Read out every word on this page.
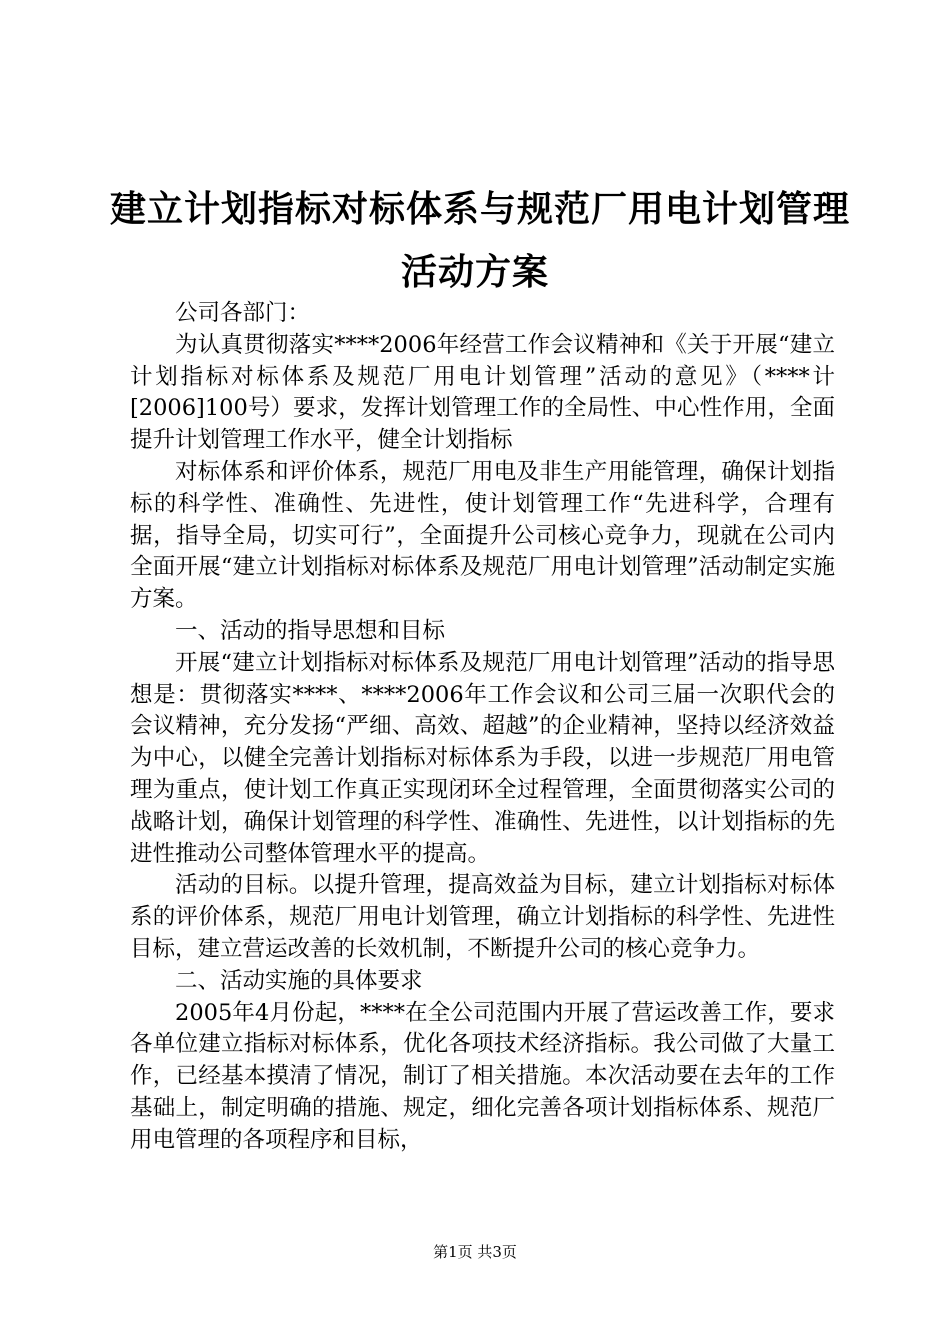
建立计划指标对标体系与规范厂用电计划管理
活动方案

公司各部门：

为认真贯彻落实****2006年经营工作会议精神和《关于开展“建立计划指标对标体系及规范厂用电计划管理”活动的意见》（****计[2006]100号）要求，发挥计划管理工作的全局性、中心性作用，全面提升计划管理工作水平，健全计划指标

对标体系和评价体系，规范厂用电及非生产用能管理，确保计划指标的科学性、准确性、先进性，使计划管理工作“先进科学，合理有据，指导全局，切实可行”，全面提升公司核心竞争力，现就在公司内全面开展“建立计划指标对标体系及规范厂用电计划管理”活动制定实施方案。

一、活动的指导思想和目标

开展“建立计划指标对标体系及规范厂用电计划管理”活动的指导思想是：贯彻落实****、****2006年工作会议和公司三届一次职代会的会议精神，充分发扬“严细、高效、超越”的企业精神，坚持以经济效益为中心，以健全完善计划指标对标体系为手段，以进一步规范厂用电管理为重点，使计划工作真正实现闭环全过程管理，全面贯彻落实公司的战略计划，确保计划管理的科学性、准确性、先进性，以计划指标的先进性推动公司整体管理水平的提高。

活动的目标。以提升管理，提高效益为目标，建立计划指标对标体系的评价体系，规范厂用电计划管理，确立计划指标的科学性、先进性目标，建立营运改善的长效机制，不断提升公司的核心竞争力。

二、活动实施的具体要求

2005年4月份起，****在全公司范围内开展了营运改善工作，要求各单位建立指标对标体系，优化各项技术经济指标。我公司做了大量工作，已经基本摸清了情况，制订了相关措施。本次活动要在去年的工作基础上，制定明确的措施、规定，细化完善各项计划指标体系、规范厂用电管理的各项程序和目标，

第1页 共3页
